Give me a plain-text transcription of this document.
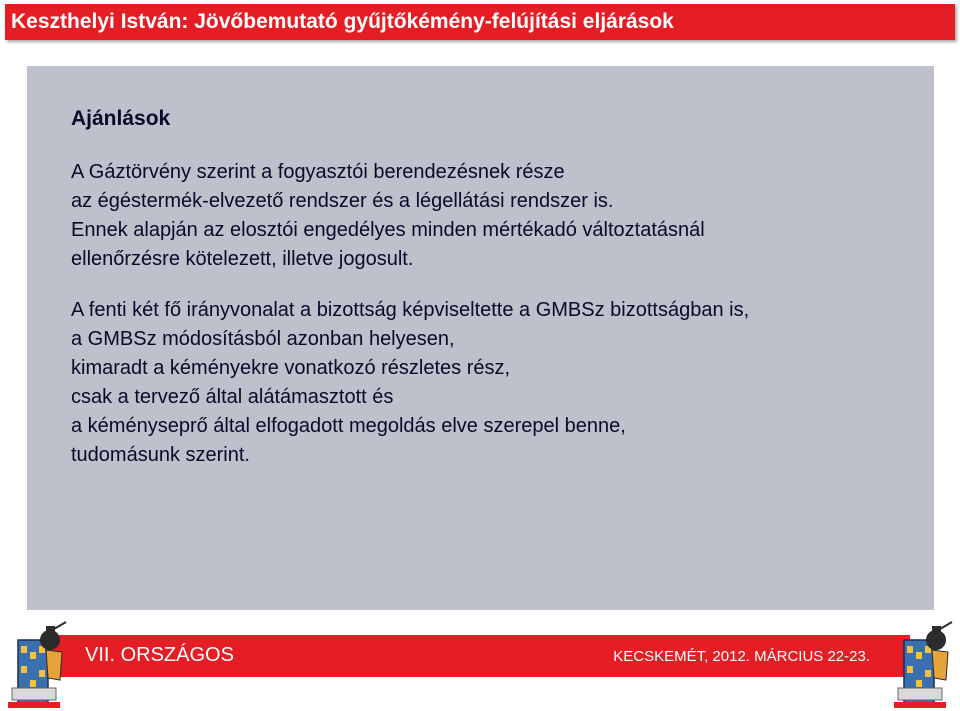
Keszthelyi István: Jövőbemutató gyűjtőkémény-felújítási eljárások
Ajánlások
A Gáztörvény szerint a fogyasztói berendezésnek része
az égéstermék-elvezető rendszer és a légellátási rendszer is.
Ennek alapján az elosztói engedélyes minden mértékadó változtatásnál
ellenőrzésre kötelezett, illetve jogosult.
A fenti két fő irányvonalat a bizottság képviseltette a GMBSz bizottságban is,
a GMBSz módosításból azonban helyesen,
kimaradt a kéményekre vonatkozó részletes rész,
csak a tervező által alátámasztott és
a kéményseprő által elfogadott megoldás elve szerepel benne,
tudomásunk szerint.
VII. ORSZÁGOS	KECSKEMÉT, 2012. MÁRCIUS 22-23.
